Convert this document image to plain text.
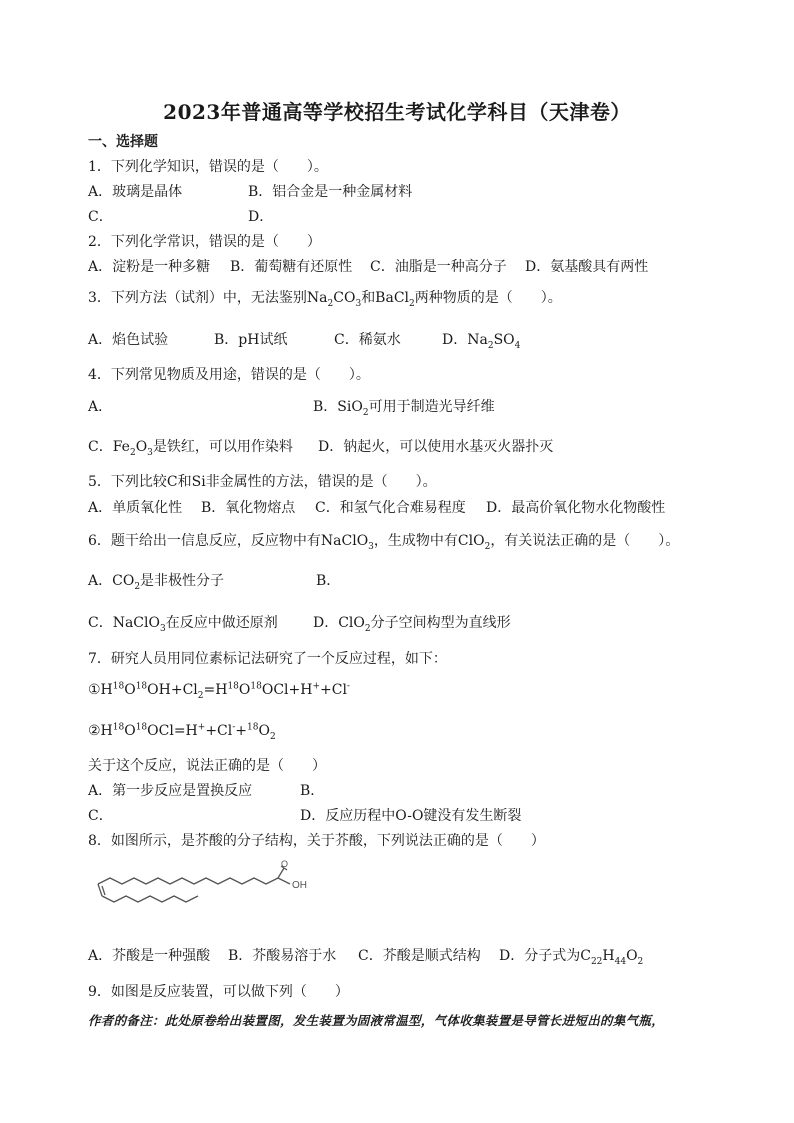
2023年普通高等学校招生考试化学科目（天津卷）
一、选择题
1．下列化学知识，错误的是（　　）。
A．玻璃是晶体	B．铝合金是一种金属材料
C．	D．
2．下列化学常识，错误的是（　　）
A．淀粉是一种多糖 B．葡萄糖有还原性 C．油脂是一种高分子 D．氨基酸具有两性
3．下列方法（试剂）中，无法鉴别$Na_2CO_3$和BaCl$_2$两种物质的是（　　）。
A．焰色试验	B．pH试纸	C．稀氨水	D．$Na_2SO_4$
4．下列常见物质及用途，错误的是（　　）。
A．	B．SiO$_2$可用于制造光导纤维
C．$Fe_2O_3$是铁红，可以用作染料 D．钠起火，可以使用水基灭火器扑灭
5．下列比较C和Si非金属性的方法，错误的是（　　）。
A．单质氧化性 B．氧化物熔点 C．和氢气化合难易程度 D．最高价氧化物水化物酸性
6．题干给出一信息反应，反应物中有NaClO$_3$，生成物中有ClO$_2$，有关说法正确的是（　　）。
A．$CO_2$是非极性分子	B．
C．NaClO$_3$在反应中做还原剂	D．ClO$_2$分子空间构型为直线形
7．研究人员用同位素标记法研究了一个反应过程，如下：
$①H^{18}O^{18}OH+Cl_2=H^{18}O^{18}OCl+H^++Cl^-$
$②H^{18}O^{18}OCl=H^++Cl^-+^{18}O_2$
关于这个反应，说法正确的是（　　）
A．第一步反应是置换反应	B．
C．	D．反应历程中O-O键没有发生断裂
8．如图所示，是芥酸的分子结构，关于芥酸，下列说法正确的是（　　）
O
OH
A．芥酸是一种强酸 B．芥酸易溶于水 C．芥酸是顺式结构 D．分子式为$C_{22}H_{44}O_2$
9．如图是反应装置，可以做下列（　　）
作者的备注：此处原卷给出装置图，发生装置为固液常温型，气体收集装置是导管长进短出的集气瓶，
